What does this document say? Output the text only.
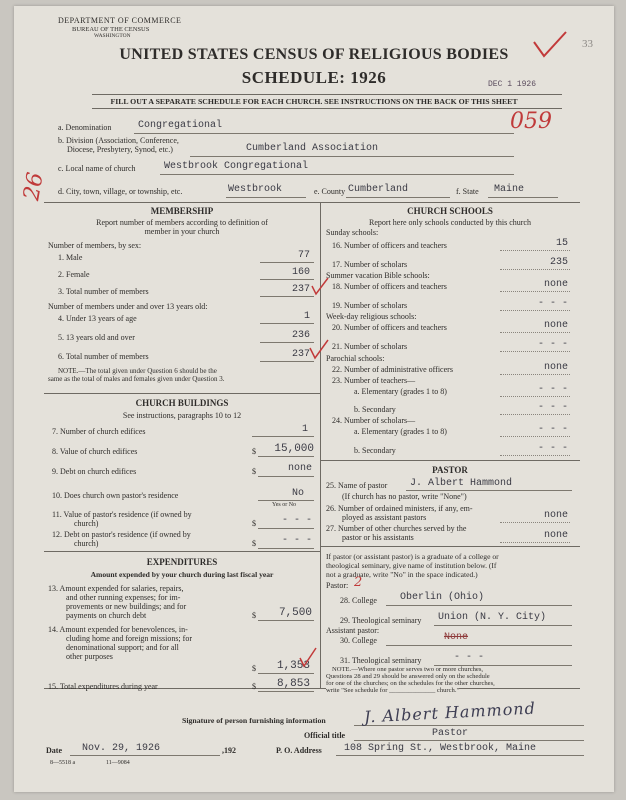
DEPARTMENT OF COMMERCE
BUREAU OF THE CENSUS
WASHINGTON
UNITED STATES CENSUS OF RELIGIOUS BODIES
SCHEDULE: 1926	DEC 1 1926
33
059
FILL OUT A SEPARATE SCHEDULE FOR EACH CHURCH. SEE INSTRUCTIONS ON THE BACK OF THIS SHEET
a. Denomination	Congregational
b. Division (Association, Conference,
Diocese, Presbytery, Synod, etc.)	Cumberland Association
c. Local name of church	Westbrook Congregational
26 d. City, town, village, or township, etc.	Westbrook	e. County Cumberland	f. State Maine
MEMBERSHIP
Report number of members according to definition of
member in your church
Number of members, by sex:
1. Male	77
2. Female	160
3. Total number of members	237
Number of members under and over 13 years old:
4. Under 13 years of age	1
5. 13 years old and over	236
6. Total number of members	237
NOTE.—The total given under Question 6 should be the
same as the total of males and females given under Question 3.
CHURCH BUILDINGS
See instructions, paragraphs 10 to 12
7. Number of church edifices	1
8. Value of church edifices	$	15,000
9. Debt on church edifices	$	none
10. Does church own pastor's residence	No
Yes or No
11. Value of pastor's residence (if owned by
church)	$	- - -
12. Debt on pastor's residence (if owned by
church)	$	- - -
EXPENDITURES
Amount expended by your church during last fiscal year
13. Amount expended for salaries, repairs,
and other running expenses; for im-
provements or new buildings; and for
payments on church debt	$	7,500
14. Amount expended for benevolences, in-
cluding home and foreign missions; for
denominational support; and for all
other purposes
$	1,353
15. Total expenditures during year	$	8,853
CHURCH SCHOOLS
Report here only schools conducted by this church
Sunday schools:
16. Number of officers and teachers	15
17. Number of scholars	235
Summer vacation Bible schools:
18. Number of officers and teachers	none
19. Number of scholars	- - -
Week-day religious schools:
20. Number of officers and teachers	none
21. Number of scholars	- - -
Parochial schools:
22. Number of administrative officers	none
23. Number of teachers—
a. Elementary (grades 1 to 8)	- - -
b. Secondary	- - -
24. Number of scholars—
a. Elementary (grades 1 to 8)	- - -
b. Secondary	- - -
PASTOR
25. Name of pastor J. Albert Hammond
(If church has no pastor, write "None")
26. Number of ordained ministers, if any, em-
ployed as assistant pastors	none
27. Number of other churches served by the
pastor or his assistants	none
If pastor (or assistant pastor) is a graduate of a college or
theological seminary, give name of institution below. (If
not a graduate, write "No" in the space indicated.)
Pastor: 2
28. College Oberlin (Ohio)
29. Theological seminary Union (N. Y. City)
Assistant pastor:
30. College	None
31. Theological seminary	- - -
NOTE.—Where one pastor serves two or more churches,
Questions 28 and 29 should be answered only on the schedule
for one of the churches; on the schedules for the other churches,
write "See schedule for ______________ church."
Signature of person furnishing information J. Albert Hammond
Official title	Pastor
Date Nov. 29, 1926	,192
8—5518 a	11—9084
P. O. Address 108 Spring St., Westbrook, Maine
